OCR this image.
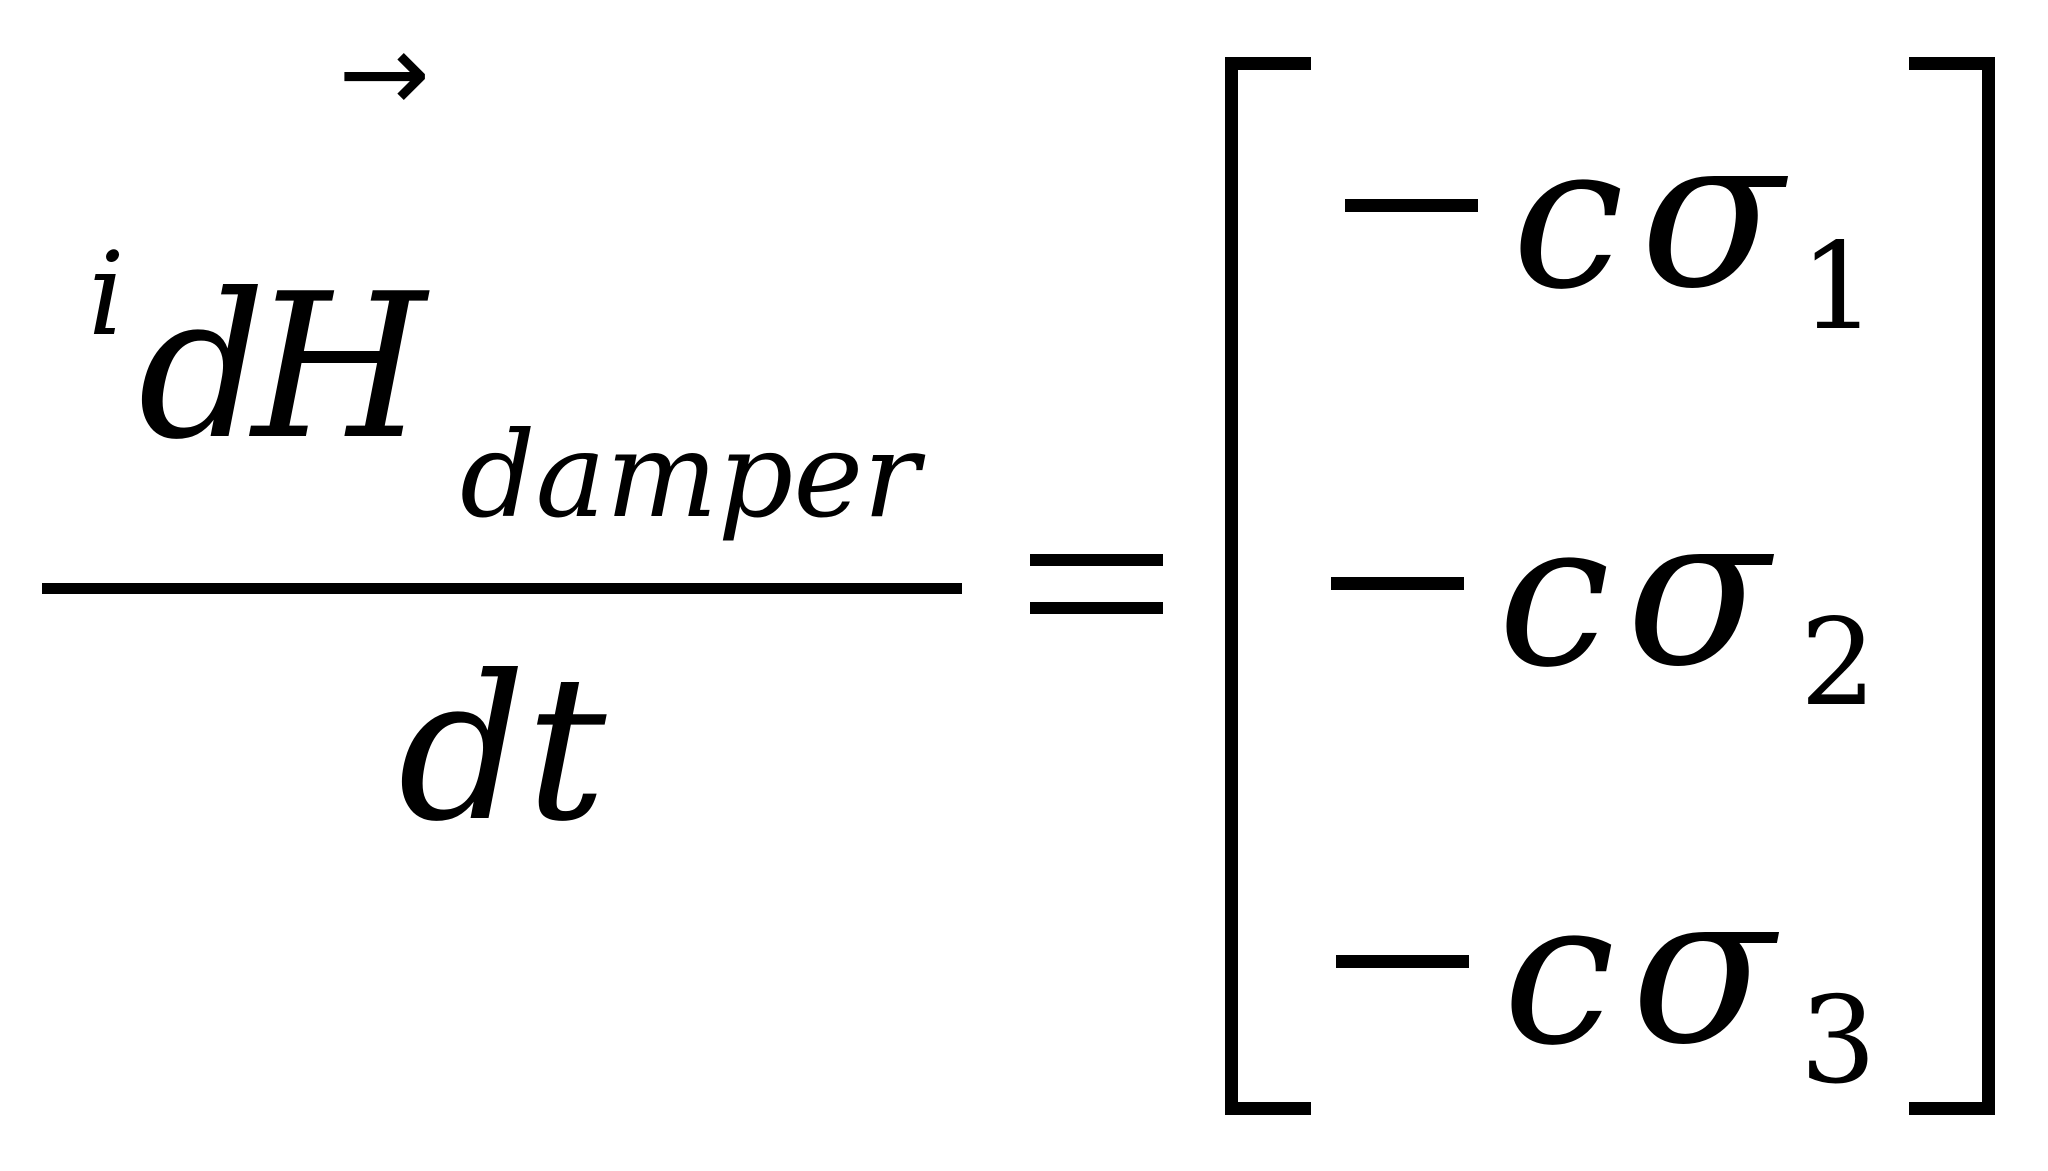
→
i d
H damper
dt
c σ 1
c σ 2
c σ 3
